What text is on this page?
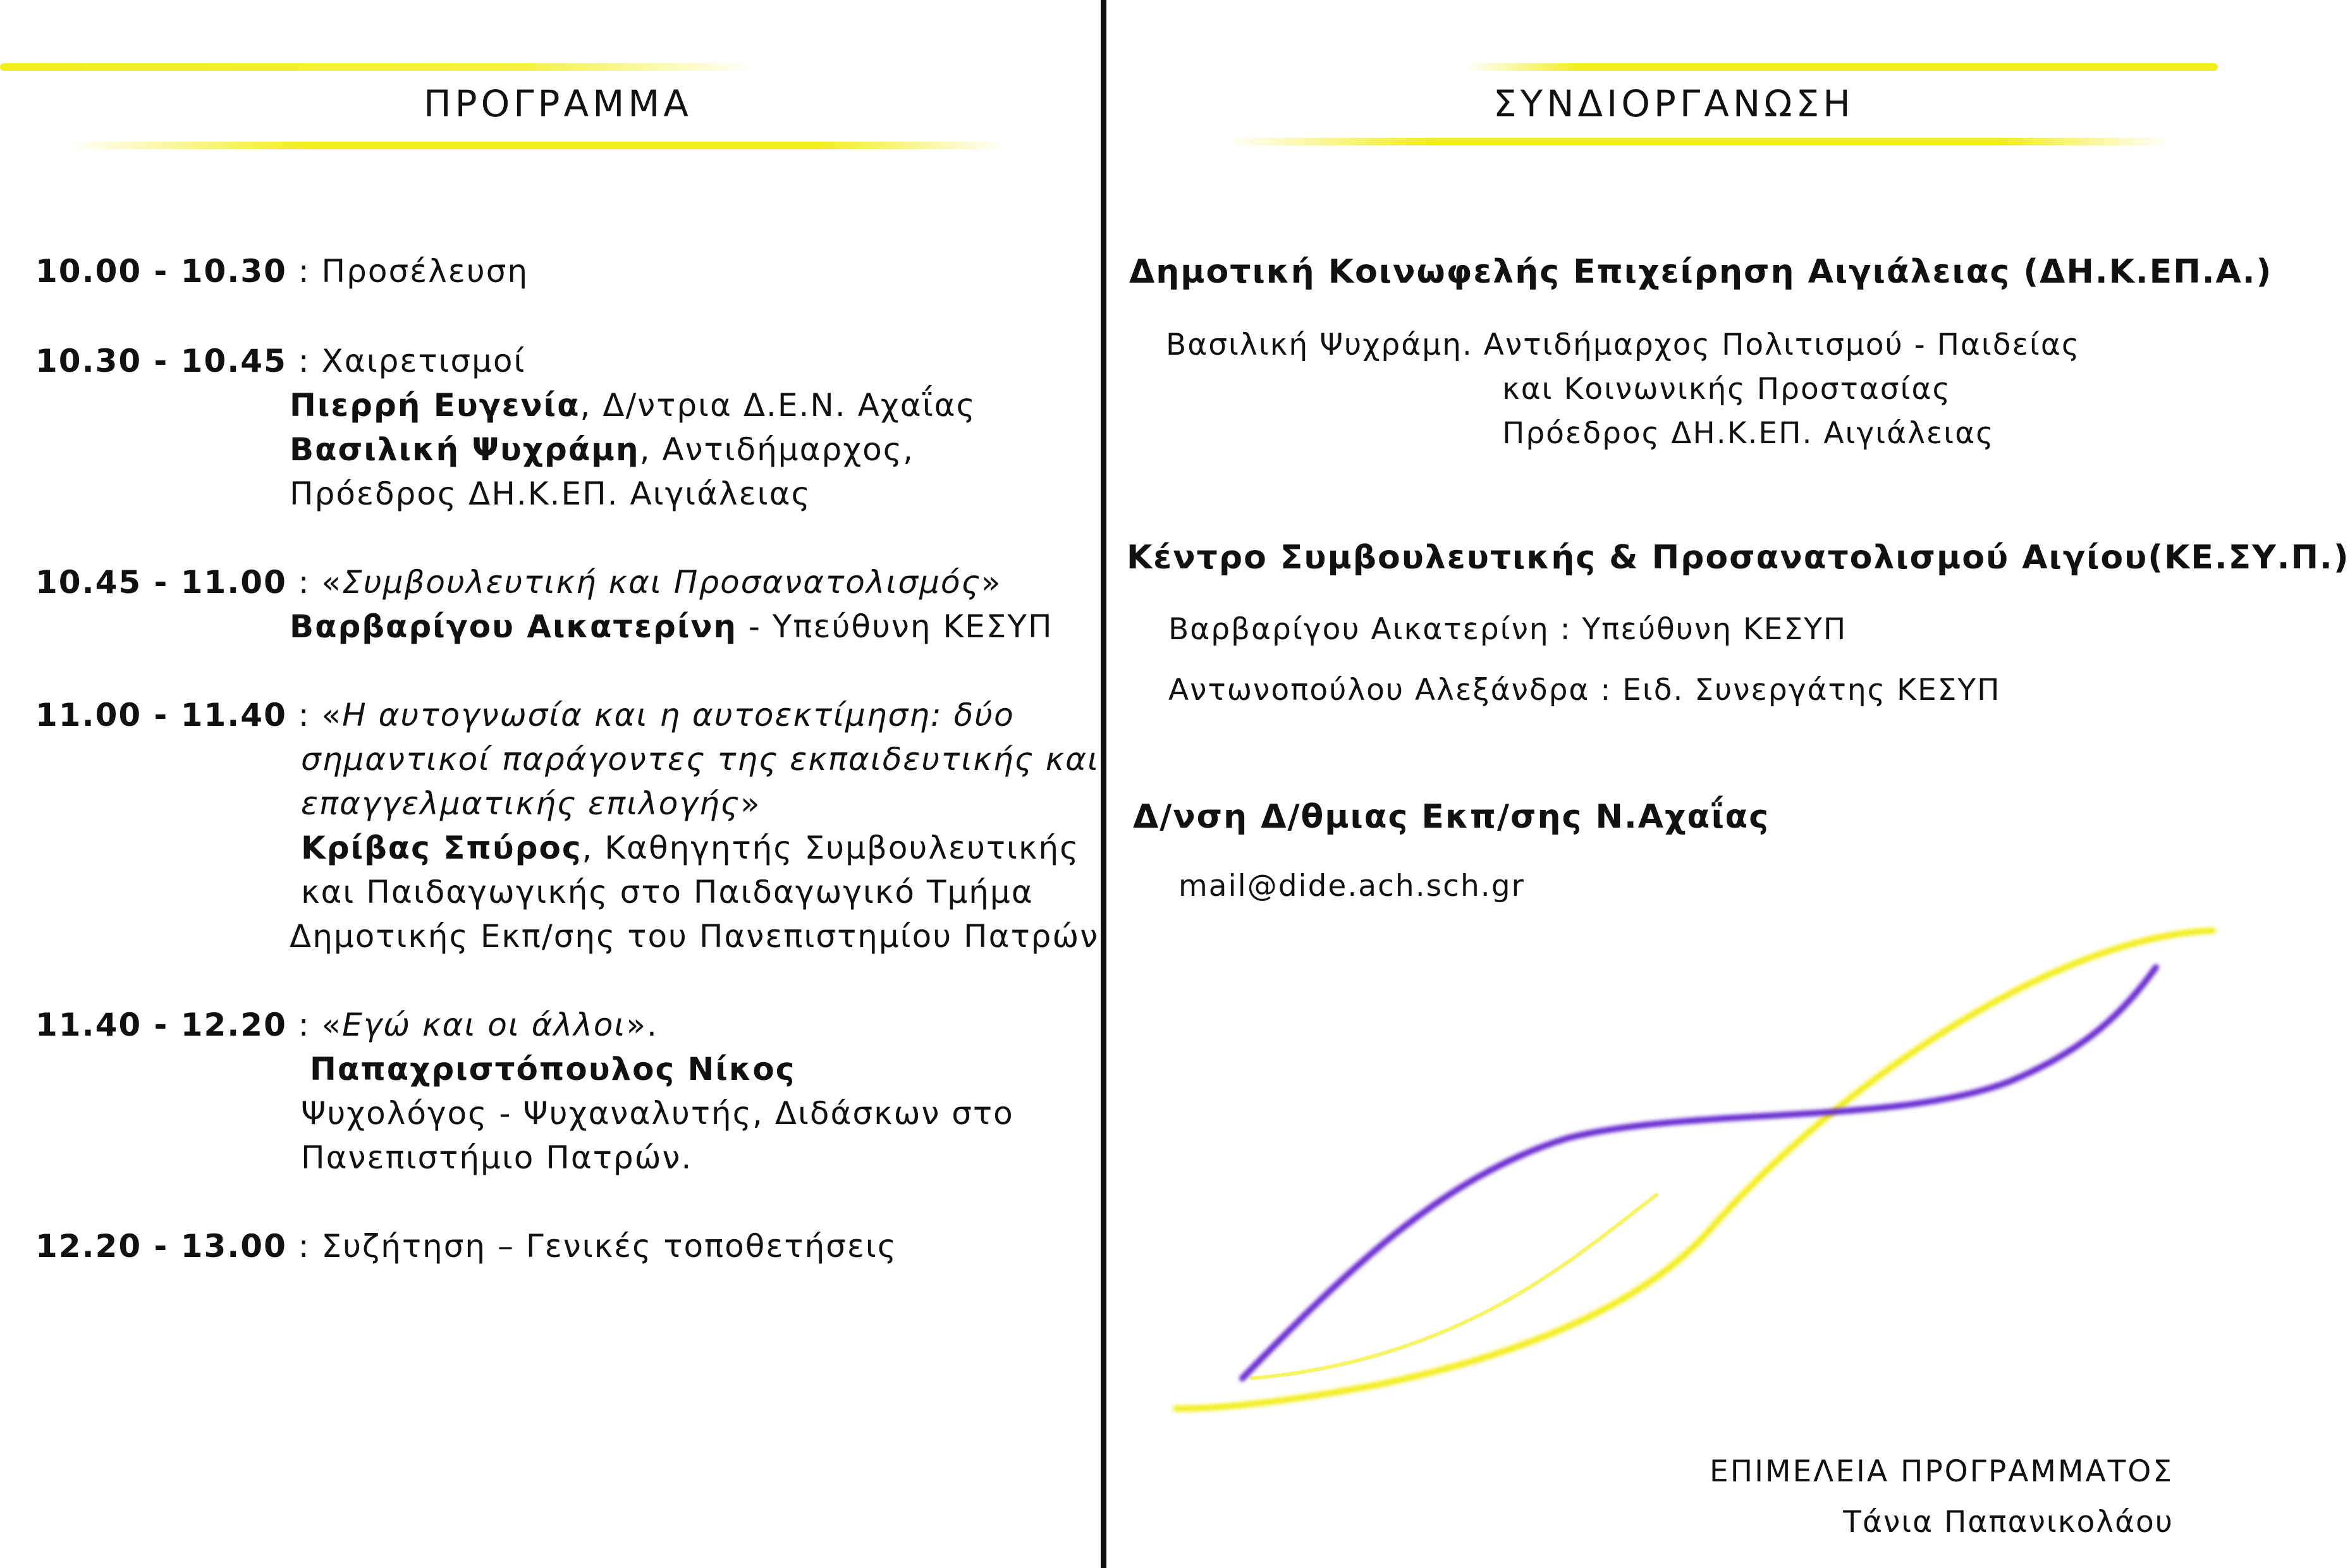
ΠΡΟΓΡΑΜΜΑ
10.00 - 10.30 : Προσέλευση
10.30 - 10.45 : Χαιρετισμοί
Πιερρή Ευγενία, Δ/ντρια Δ.Ε.Ν. Αχαΐας
Βασιλική Ψυχράμη, Αντιδήμαρχος,
Πρόεδρος ΔΗ.Κ.ΕΠ. Αιγιάλειας
10.45 - 11.00 : «Συμβουλευτική και Προσανατολισμός»
Βαρβαρίγου Αικατερίνη - Υπεύθυνη ΚΕΣΥΠ
11.00 - 11.40 : «Η αυτογνωσία και η αυτοεκτίμηση: δύο
σημαντικοί παράγοντες της εκπαιδευτικής και
επαγγελματικής επιλογής»
Κρίβας Σπύρος, Καθηγητής Συμβουλευτικής
και Παιδαγωγικής στο Παιδαγωγικό Τμήμα
Δημοτικής Εκπ/σης του Πανεπιστημίου Πατρών
11.40 - 12.20 : «Εγώ και οι άλλοι».
Παπαχριστόπουλος Νίκος
Ψυχολόγος - Ψυχαναλυτής, Διδάσκων στο
Πανεπιστήμιο Πατρών.
12.20 - 13.00 : Συζήτηση – Γενικές τοποθετήσεις
ΣΥΝΔΙΟΡΓΑΝΩΣΗ
Δημοτική Κοινωφελής Επιχείρηση Αιγιάλειας (ΔΗ.Κ.ΕΠ.Α.)
Βασιλική Ψυχράμη. Αντιδήμαρχος Πολιτισμού - Παιδείας
και Κοινωνικής Προστασίας
Πρόεδρος ΔΗ.Κ.ΕΠ. Αιγιάλειας
Κέντρο Συμβουλευτικής & Προσανατολισμού Αιγίου(ΚΕ.ΣΥ.Π.)
Βαρβαρίγου Αικατερίνη : Υπεύθυνη ΚΕΣΥΠ
Αντωνοπούλου Αλεξάνδρα : Ειδ. Συνεργάτης ΚΕΣΥΠ
Δ/νση Δ/θμιας Εκπ/σης Ν.Αχαΐας
mail@dide.ach.sch.gr
ΕΠΙΜΕΛΕΙΑ ΠΡΟΓΡΑΜΜΑΤΟΣ
Τάνια Παπανικολάου
